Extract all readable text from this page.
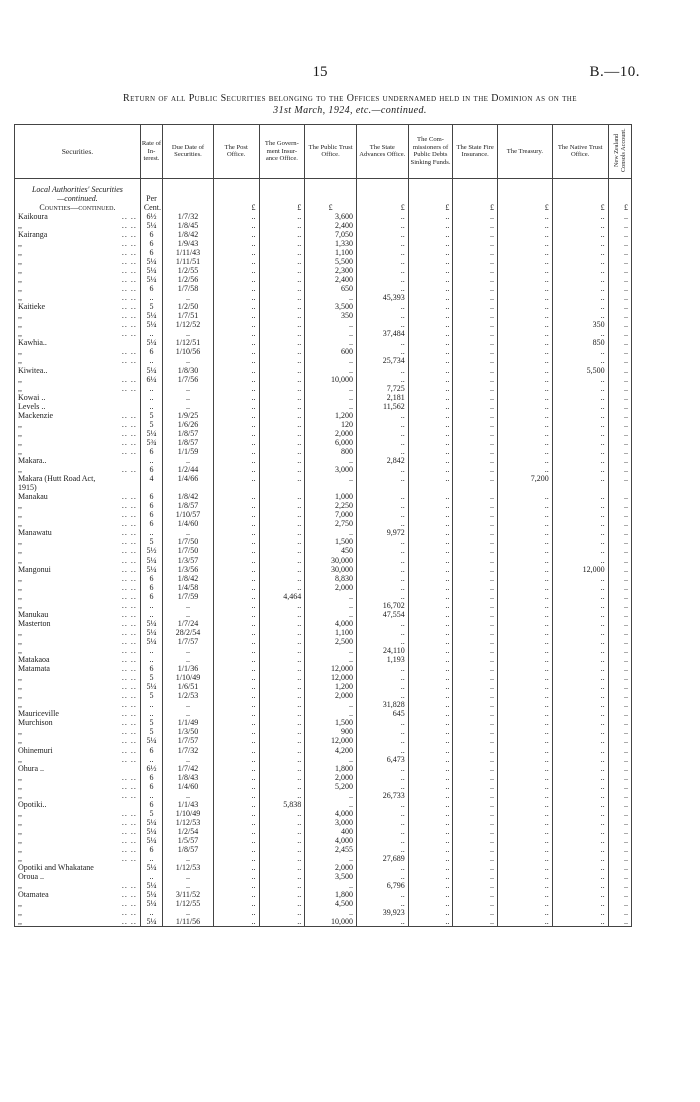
15	B.—10.
Return of all Public Securities belonging to the Offices undernamed held in the Dominion as on the
31st March, 1924, etc.—continued.
Securities.	Rate of In- terest.	Due Date of Securities.	The Post Office.	The Govern- ment Insur- ance Office.	The Public Trust Office.	The State Advances Office.	The Com- missioners of Public Debts Sinking Funds.	The State Fire Insurance.	The Treasury.	The Native Trust Office.	New Zealand Consols Account.

Local Authorities' Securities											
—continued.	Per										
Counties—continued.	Cent.		£	£	£	£	£	£	£	£	£
Kaikoura .. ..	6½	1/7/32	..	..	3,600	..	..	..	..	..	..
,, .. ..	5¼	1/8/45	..	..	2,400	..	..	..	..	..	..
Kairanga .. ..	6	1/8/42	..	..	7,050	..	..	..	..	..	..
,, .. ..	6	1/9/43	..	..	1,330	..	..	..	..	..	..
,, .. ..	6	1/11/43	..	..	1,100	..	..	..	..	..	..
,, .. ..	5¼	1/11/51	..	..	5,500	..	..	..	..	..	..
,, .. ..	5¼	1/2/55	..	..	2,300	..	..	..	..	..	..
,, .. ..	5¼	1/2/56	..	..	2,400	..	..	..	..	..	..
,, .. ..	6	1/7/58	..	..	650	..	..	..	..	..	..
,, .. ..	..	..	..	..	..	45,393	..	..	..	..	..
Kaitieke .. ..	5	1/2/50	..	..	3,500	..	..	..	..	..	..
,, .. ..	5¼	1/7/51	..	..	350	..	..	..	..	..	..
,, .. ..	5¼	1/12/52	..	..	..	..	..	..	..	350	..
,, .. ..	..	..	..	..	..	37,484	..	..	..	..	..
Kawhia..	5¼	1/12/51	..	..	..	..	..	..	..	850	..
,, .. ..	6	1/10/56	..	..	600	..	..	..	..	..	..
,, .. ..	..	..	..	..	..	25,734	..	..	..	..	..
Kiwitea..	5¼	1/8/30	..	..	..	..	..	..	..	5,500	..
,, .. ..	6¼	1/7/56	..	..	10,000	..	..	..	..	..	..
,, .. ..	..	..	..	..	..	7,725	..	..	..	..	..
Kowai ..	..	..	..	..	..	2,181	..	..	..	..	..
Levels ..	..	..	..	..	..	11,562	..	..	..	..	..
Mackenzie .. ..	5	1/9/25	..	..	1,200	..	..	..	..	..	..
,, .. ..	5	1/6/26	..	..	120	..	..	..	..	..	..
,, .. ..	5¼	1/8/57	..	..	2,000	..	..	..	..	..	..
,, .. ..	5¾	1/8/57	..	..	6,000	..	..	..	..	..	..
,, .. ..	6	1/1/59	..	..	800	..	..	..	..	..	..
Makara..	..	..	..	..	..	2,842	..	..	..	..	..
,, .. ..	6	1/2/44	..	..	3,000	..	..	..	..	..	..
Makara (Hutt Road Act,	4	1/4/66	..	..	..	..	..	..	7,200	..	..
1915)											
Manakau .. ..	6	1/8/42	..	..	1,000	..	..	..	..	..	..
,, .. ..	6	1/8/57	..	..	2,250	..	..	..	..	..	..
,, .. ..	6	1/10/57	..	..	7,000	..	..	..	..	..	..
,, .. ..	6	1/4/60	..	..	2,750	..	..	..	..	..	..
Manawatu .. ..	..	..	..	..	..	9,972	..	..	..	..	..
,, .. ..	5	1/7/50	..	..	1,500	..	..	..	..	..	..
,, .. ..	5½	1/7/50	..	..	450	..	..	..	..	..	..
,, .. ..	5¼	1/3/57	..	..	30,000	..	..	..	..	..	..
Mangonui .. ..	5¼	1/3/56	..	..	30,000	..	..	..	..	12,000	..
,, .. ..	6	1/8/42	..	..	8,830	..	..	..	..	..	..
,, .. ..	6	1/4/58	..	..	2,000	..	..	..	..	..	..
,, .. ..	6	1/7/59	..	4,464	..	..	..	..	..	..	..
,, .. ..	..	..	..	..	..	16,702	..	..	..	..	..
Manukau .. ..	..	..	..	..	..	47,554	..	..	..	..	..
Masterton .. ..	5¼	1/7/24	..	..	4,000	..	..	..	..	..	..
,, .. ..	5¼	28/2/54	..	..	1,100	..	..	..	..	..	..
,, .. ..	5¼	1/7/57	..	..	2,500	..	..	..	..	..	..
,, .. ..	..	..	..	..	..	24,110	..	..	..	..	..
Matakaoa .. ..	..	..	..	..	..	1,193	..	..	..	..	..
Matamata .. ..	6	1/1/36	..	..	12,000	..	..	..	..	..	..
,, .. ..	5	1/10/49	..	..	12,000	..	..	..	..	..	..
,, .. ..	5¼	1/6/51	..	..	1,200	..	..	..	..	..	..
,, .. ..	5	1/2/53	..	..	2,000	..	..	..	..	..	..
,, .. ..	..	..	..	..	..	31,828	..	..	..	..	..
Mauriceville .. ..	..	..	..	..	..	645	..	..	..	..	..
Murchison .. ..	5	1/1/49	..	..	1,500	..	..	..	..	..	..
,, .. ..	5	1/3/50	..	..	900	..	..	..	..	..	..
,, .. ..	5¼	1/7/57	..	..	12,000	..	..	..	..	..	..
Ohinemuri .. ..	6	1/7/32	..	..	4,200	..	..	..	..	..	..
,, .. ..	..	..	..	..	..	6,473	..	..	..	..	..
Ohura ..	6½	1/7/42	..	..	1,800	..	..	..	..	..	..
,, .. ..	6	1/8/43	..	..	2,000	..	..	..	..	..	..
,, .. ..	6	1/4/60	..	..	5,200	..	..	..	..	..	..
,, .. ..	..	..	..	..	..	26,733	..	..	..	..	..
Opotiki..	6	1/1/43	..	5,838	..	..	..	..	..	..	..
,, .. ..	5	1/10/49	..	..	4,000	..	..	..	..	..	..
,, .. ..	5¼	1/12/53	..	..	3,000	..	..	..	..	..	..
,, .. ..	5¼	1/2/54	..	..	400	..	..	..	..	..	..
,, .. ..	5¼	1/5/57	..	..	4,000	..	..	..	..	..	..
,, .. ..	6	1/8/57	..	..	2,455	..	..	..	..	..	..
,, .. ..	..	..	..	..	..	27,689	..	..	..	..	..
Opotiki and Whakatane	5¼	1/12/53	..	..	2,000	..	..	..	..	..	..
Oroua ..	..	..	..	..	3,500	..	..	..	..	..	..
,, .. ..	5¼	..	..	..	..	6,796	..	..	..	..	..
Otamatea .. ..	5¼	3/11/52	..	..	1,800	..	..	..	..	..	..
,, .. ..	5¼	1/12/55	..	..	4,500	..	..	..	..	..	..
,, .. ..	..	..	..	..	..	39,923	..	..	..	..	..
,, .. ..	5¼	1/11/56	..	..	10,000	..	..	..	..	..	..
